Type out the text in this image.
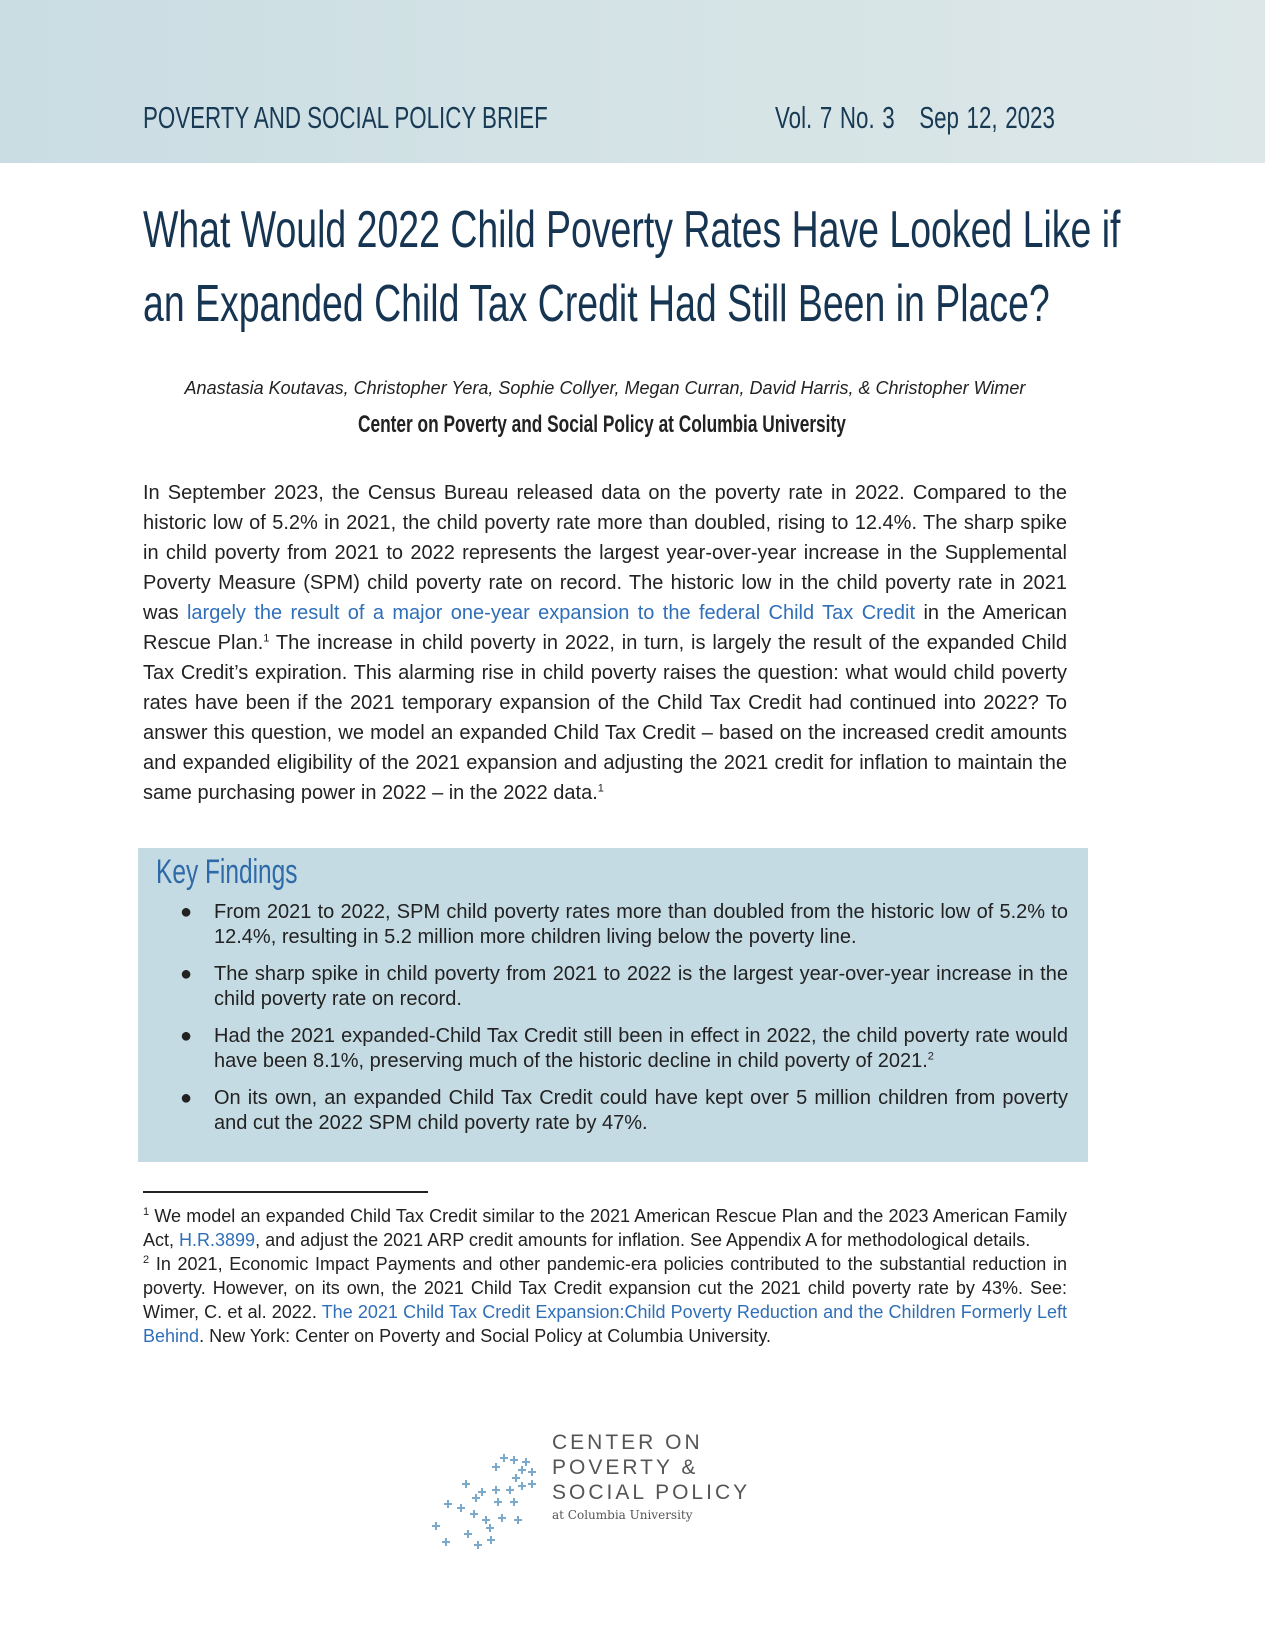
POVERTY AND SOCIAL POLICY BRIEF	Vol. 7 No. 3 Sep 12, 2023
What Would 2022 Child Poverty Rates Have Looked Like if
an Expanded Child Tax Credit Had Still Been in Place?
Anastasia Koutavas, Christopher Yera, Sophie Collyer, Megan Curran, David Harris, & Christopher Wimer
Center on Poverty and Social Policy at Columbia University
In September 2023, the Census Bureau released data on the poverty rate in 2022. Compared to the historic low of 5.2% in 2021, the child poverty rate more than doubled, rising to 12.4%. The sharp spike in child poverty from 2021 to 2022 represents the largest year-over-year increase in the Supplemental Poverty Measure (SPM) child poverty rate on record. The historic low in the child poverty rate in 2021 was largely the result of a major one-year expansion to the federal Child Tax Credit in the American Rescue Plan.$^1$ The increase in child poverty in 2022, in turn, is largely the result of the expanded Child Tax Credit’s expiration. This alarming rise in child poverty raises the question: what would child poverty rates have been if the 2021 temporary expansion of the Child Tax Credit had continued into 2022? To answer this question, we model an expanded Child Tax Credit – based on the increased credit amounts and expanded eligibility of the 2021 expansion and adjusting the 2021 credit for inflation to maintain the same purchasing power in 2022 – in the 2022 data.$^1$
Key Findings
● From 2021 to 2022, SPM child poverty rates more than doubled from the historic low of 5.2% to 12.4%, resulting in 5.2 million more children living below the poverty line.
● The sharp spike in child poverty from 2021 to 2022 is the largest year-over-year increase in the child poverty rate on record.
● Had the 2021 expanded-Child Tax Credit still been in effect in 2022, the child poverty rate would have been 8.1%, preserving much of the historic decline in child poverty of 2021.$^2$
● On its own, an expanded Child Tax Credit could have kept over 5 million children from poverty and cut the 2022 SPM child poverty rate by 47%.
$^1$ We model an expanded Child Tax Credit similar to the 2021 American Rescue Plan and the 2023 American Family Act, H.R.3899, and adjust the 2021 ARP credit amounts for inflation. See Appendix A for methodological details.
$^2$ In 2021, Economic Impact Payments and other pandemic-era policies contributed to the substantial reduction in poverty. However, on its own, the 2021 Child Tax Credit expansion cut the 2021 child poverty rate by 43%. See: Wimer, C. et al. 2022. The 2021 Child Tax Credit Expansion:Child Poverty Reduction and the Children Formerly Left Behind. New York: Center on Poverty and Social Policy at Columbia University.
CENTER ON
POVERTY &
SOCIAL POLICY
at Columbia University
